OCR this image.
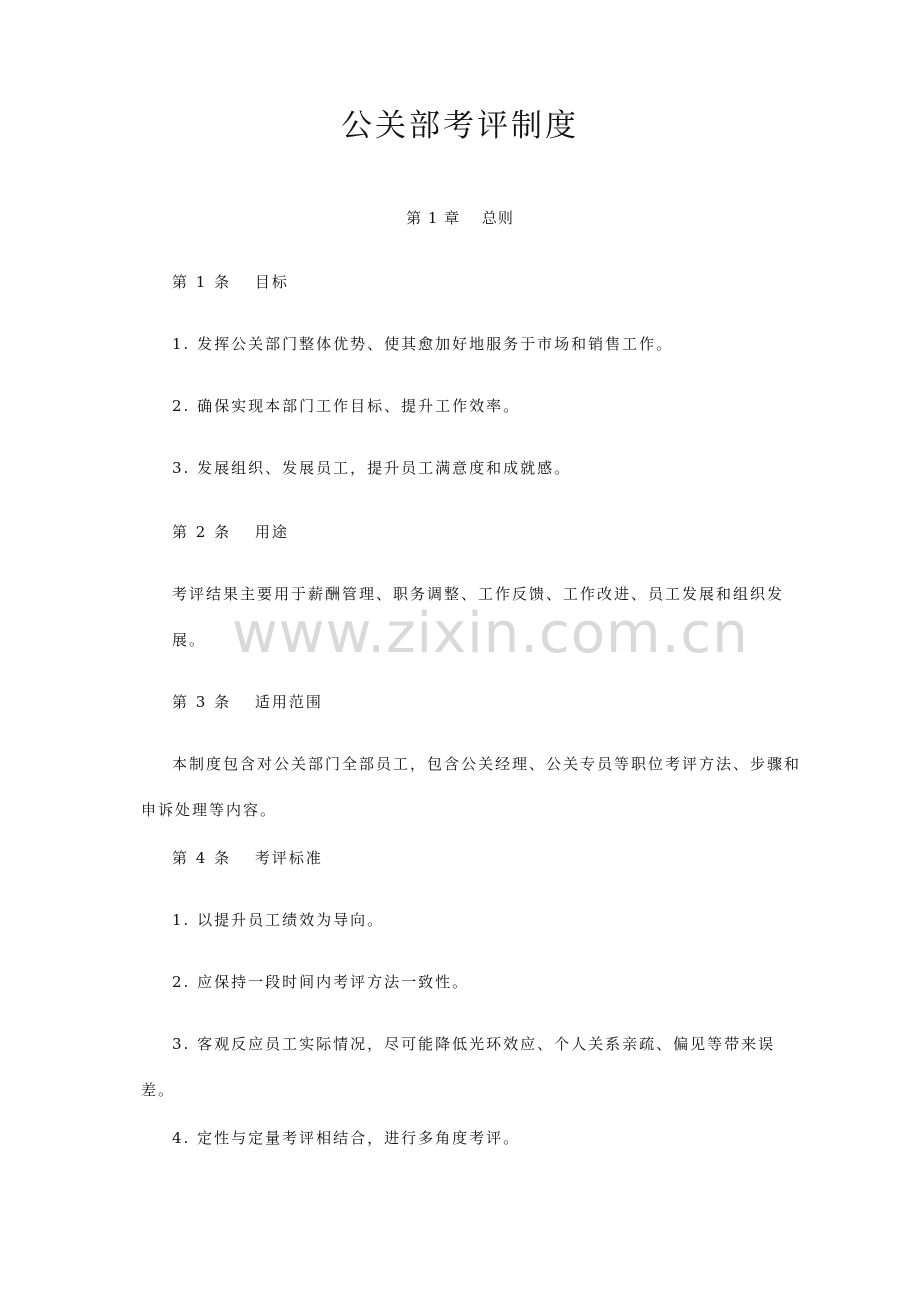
公关部考评制度
第 1 章　 总则
第 1 条　 目标
1. 发挥公关部门整体优势、使其愈加好地服务于市场和销售工作。
2. 确保实现本部门工作目标、提升工作效率。
3. 发展组织、发展员工，提升员工满意度和成就感。
第 2 条　 用途
考评结果主要用于薪酬管理、职务调整、工作反馈、工作改进、员工发展和组织发
展。
第 3 条　 适用范围
本制度包含对公关部门全部员工，包含公关经理、公关专员等职位考评方法、步骤和
申诉处理等内容。
第 4 条　 考评标准
1. 以提升员工绩效为导向。
2. 应保持一段时间内考评方法一致性。
3. 客观反应员工实际情况，尽可能降低光环效应、个人关系亲疏、偏见等带来误
差。
4. 定性与定量考评相结合，进行多角度考评。
www.zixin.com.cn
